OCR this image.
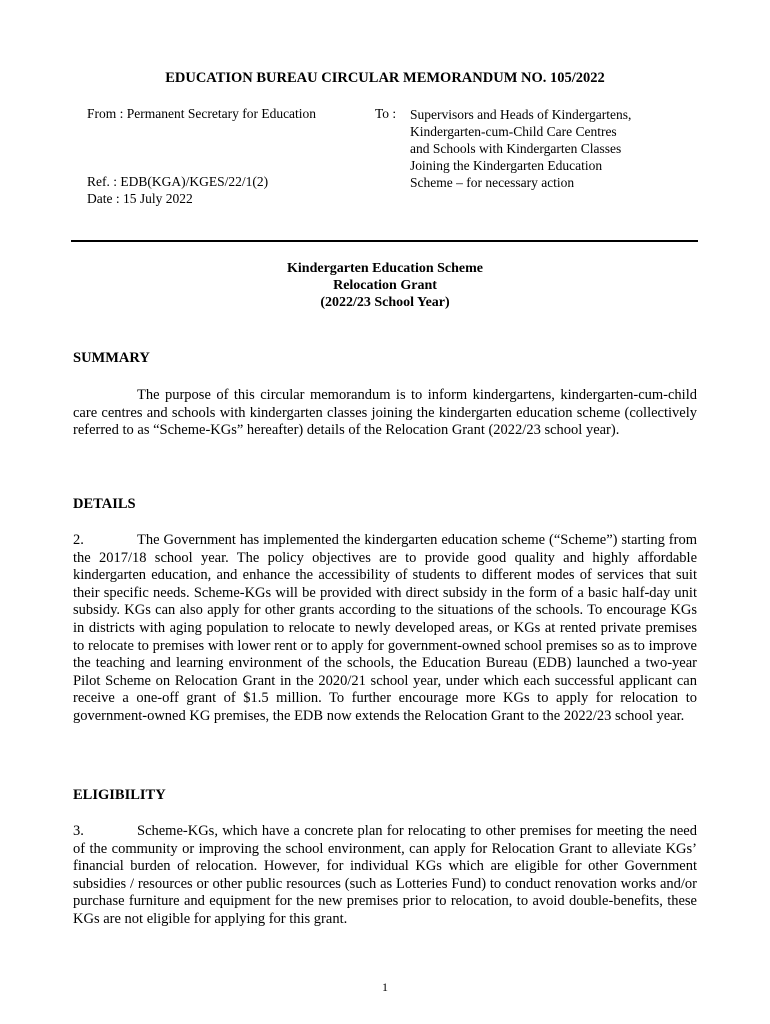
EDUCATION BUREAU CIRCULAR MEMORANDUM NO. 105/2022
From : Permanent Secretary for Education	To : Supervisors and Heads of Kindergartens,
Kindergarten-cum-Child Care Centres
and Schools with Kindergarten Classes
Joining the Kindergarten Education
Scheme – for necessary action
Ref. : EDB(KGA)/KGES/22/1(2)
Date : 15 July 2022
Kindergarten Education Scheme
Relocation Grant
(2022/23 School Year)
SUMMARY
The purpose of this circular memorandum is to inform kindergartens, kindergarten-cum-child care centres and schools with kindergarten classes joining the kindergarten education scheme (collectively referred to as “Scheme-KGs” hereafter) details of the Relocation Grant (2022/23 school year).
DETAILS
2.	The Government has implemented the kindergarten education scheme (“Scheme”) starting from the 2017/18 school year. The policy objectives are to provide good quality and highly affordable kindergarten education, and enhance the accessibility of students to different modes of services that suit their specific needs. Scheme-KGs will be provided with direct subsidy in the form of a basic half-day unit subsidy. KGs can also apply for other grants according to the situations of the schools. To encourage KGs in districts with aging population to relocate to newly developed areas, or KGs at rented private premises to relocate to premises with lower rent or to apply for government-owned school premises so as to improve the teaching and learning environment of the schools, the Education Bureau (EDB) launched a two-year Pilot Scheme on Relocation Grant in the 2020/21 school year, under which each successful applicant can receive a one-off grant of $1.5 million. To further encourage more KGs to apply for relocation to government-owned KG premises, the EDB now extends the Relocation Grant to the 2022/23 school year.
ELIGIBILITY
3.	Scheme-KGs, which have a concrete plan for relocating to other premises for meeting the need of the community or improving the school environment, can apply for Relocation Grant to alleviate KGs’ financial burden of relocation. However, for individual KGs which are eligible for other Government subsidies / resources or other public resources (such as Lotteries Fund) to conduct renovation works and/or purchase furniture and equipment for the new premises prior to relocation, to avoid double-benefits, these KGs are not eligible for applying for this grant.
1
